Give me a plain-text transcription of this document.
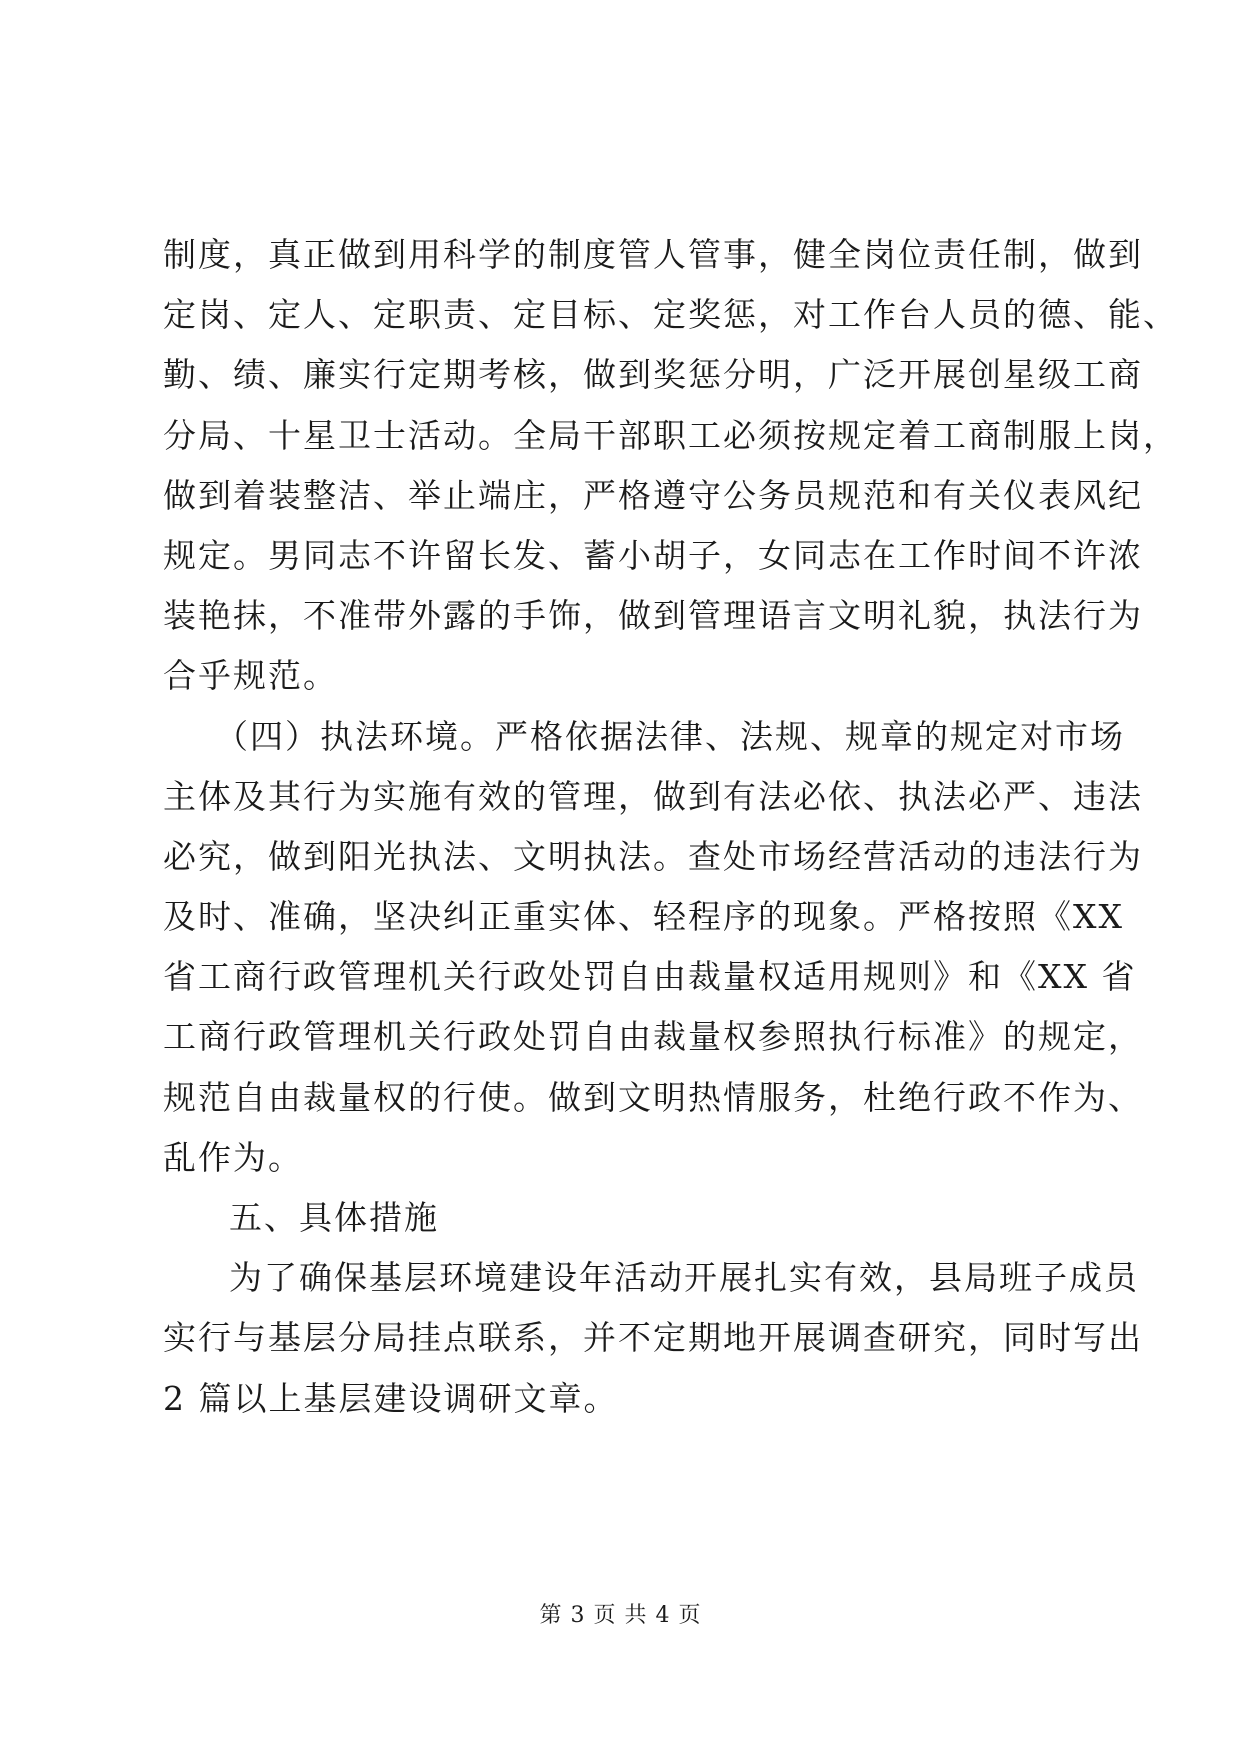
制度，真正做到用科学的制度管人管事，健全岗位责任制，做到
定岗、定人、定职责、定目标、定奖惩，对工作台人员的德、能、
勤、绩、廉实行定期考核，做到奖惩分明，广泛开展创星级工商
分局、十星卫士活动。全局干部职工必须按规定着工商制服上岗，
做到着装整洁、举止端庄，严格遵守公务员规范和有关仪表风纪
规定。男同志不许留长发、蓄小胡子，女同志在工作时间不许浓
装艳抹，不准带外露的手饰，做到管理语言文明礼貌，执法行为
合乎规范。
（四）执法环境。严格依据法律、法规、规章的规定对市场
主体及其行为实施有效的管理，做到有法必依、执法必严、违法
必究，做到阳光执法、文明执法。查处市场经营活动的违法行为
及时、准确，坚决纠正重实体、轻程序的现象。严格按照《XX
省工商行政管理机关行政处罚自由裁量权适用规则》和《XX 省
工商行政管理机关行政处罚自由裁量权参照执行标准》的规定，
规范自由裁量权的行使。做到文明热情服务，杜绝行政不作为、
乱作为。
五、具体措施
为了确保基层环境建设年活动开展扎实有效，县局班子成员
实行与基层分局挂点联系，并不定期地开展调查研究，同时写出
2 篇以上基层建设调研文章。
第 3 页 共 4 页
